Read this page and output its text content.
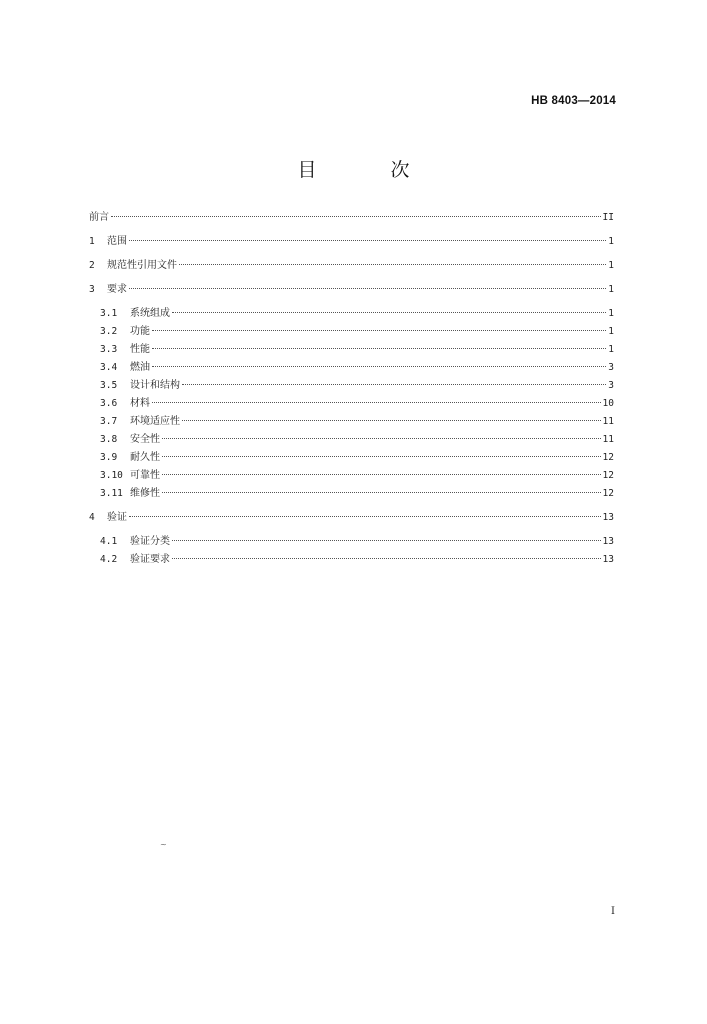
HB 8403—2014
目 次
前言	II
1	范围	1
2	规范性引用文件	1
3	要求	1
3.1	系统组成	1
3.2	功能	1
3.3	性能	1
3.4	燃油	3
3.5	设计和结构	3
3.6	材料	10
3.7	环境适应性	11
3.8	安全性	11
3.9	耐久性	12
3.10 可靠性	12
3.11 维修性	12
4	验证	13
4.1	验证分类	13
4.2	验证要求	13
~
I
